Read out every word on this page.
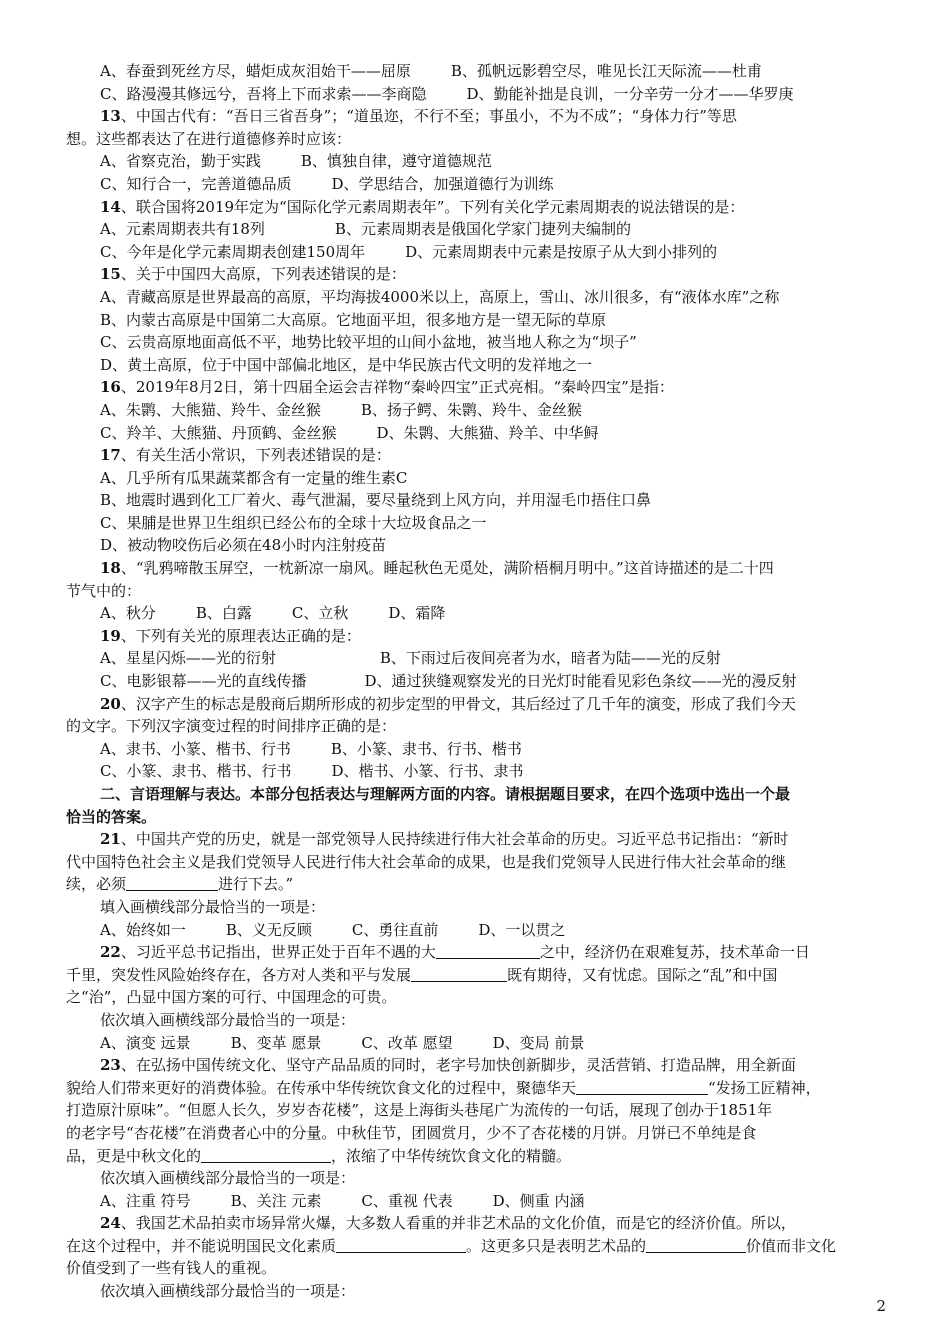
A、春蚕到死丝方尽，蜡炬成灰泪始干——屈原	B、孤帆远影碧空尽，唯见长江天际流——杜甫
C、路漫漫其修远兮，吾将上下而求索——李商隐	D、勤能补拙是良训，一分辛劳一分才——华罗庚
13、中国古代有：“吾日三省吾身”；“道虽迩，不行不至；事虽小，不为不成”；“身体力行”等思
想。这些都表达了在进行道德修养时应该：
A、省察克治，勤于实践	B、慎独自律，遵守道德规范
C、知行合一，完善道德品质	D、学思结合，加强道德行为训练
14、联合国将2019年定为“国际化学元素周期表年”。下列有关化学元素周期表的说法错误的是：
A、元素周期表共有18列	B、元素周期表是俄国化学家门捷列夫编制的
C、今年是化学元素周期表创建150周年	D、元素周期表中元素是按原子从大到小排列的
15、关于中国四大高原，下列表述错误的是：
A、青藏高原是世界最高的高原，平均海拔4000米以上，高原上，雪山、冰川很多，有“液体水库”之称
B、内蒙古高原是中国第二大高原。它地面平坦，很多地方是一望无际的草原
C、云贵高原地面高低不平，地势比较平坦的山间小盆地，被当地人称之为“坝子”
D、黄土高原，位于中国中部偏北地区，是中华民族古代文明的发祥地之一
16、2019年8月2日，第十四届全运会吉祥物“秦岭四宝”正式亮相。“秦岭四宝”是指：
A、朱鹮、大熊猫、羚牛、金丝猴	B、扬子鳄、朱鹮、羚牛、金丝猴
C、羚羊、大熊猫、丹顶鹤、金丝猴	D、朱鹮、大熊猫、羚羊、中华鲟
17、有关生活小常识，下列表述错误的是：
A、几乎所有瓜果蔬菜都含有一定量的维生素C
B、地震时遇到化工厂着火、毒气泄漏，要尽量绕到上风方向，并用湿毛巾捂住口鼻
C、果脯是世界卫生组织已经公布的全球十大垃圾食品之一
D、被动物咬伤后必须在48小时内注射疫苗
18、“乳鸦啼散玉屏空，一枕新凉一扇风。睡起秋色无觅处，满阶梧桐月明中。”这首诗描述的是二十四
节气中的：
A、秋分	B、白露	C、立秋	D、霜降
19、下列有关光的原理表达正确的是：
A、星星闪烁——光的衍射	B、下雨过后夜间亮者为水，暗者为陆——光的反射
C、电影银幕——光的直线传播	D、通过狭缝观察发光的日光灯时能看见彩色条纹——光的漫反射
20、汉字产生的标志是殷商后期所形成的初步定型的甲骨文，其后经过了几千年的演变，形成了我们今天
的文字。下列汉字演变过程的时间排序正确的是：
A、隶书、小篆、楷书、行书	B、小篆、隶书、行书、楷书
C、小篆、隶书、楷书、行书	D、楷书、小篆、行书、隶书
二、言语理解与表达。本部分包括表达与理解两方面的内容。请根据题目要求，在四个选项中选出一个最
恰当的答案。
21、中国共产党的历史，就是一部党领导人民持续进行伟大社会革命的历史。习近平总书记指出：“新时
代中国特色社会主义是我们党领导人民进行伟大社会革命的成果，也是我们党领导人民进行伟大社会革命的继
续，必须	进行下去。”
填入画横线部分最恰当的一项是：
A、始终如一	B、义无反顾	C、勇往直前	D、一以贯之
22、习近平总书记指出，世界正处于百年不遇的大	之中，经济仍在艰难复苏，技术革命一日
千里，突发性风险始终存在，各方对人类和平与发展	既有期待，又有忧虑。国际之“乱”和中国
之“治”，凸显中国方案的可行、中国理念的可贵。
依次填入画横线部分最恰当的一项是：
A、演变 远景	B、变革 愿景	C、改革 愿望	D、变局 前景
23、在弘扬中国传统文化、坚守产品品质的同时，老字号加快创新脚步，灵活营销、打造品牌，用全新面
貌给人们带来更好的消费体验。在传承中华传统饮食文化的过程中，聚德华天	“发扬工匠精神，
打造原汁原味”。“但愿人长久，岁岁杏花楼”，这是上海街头巷尾广为流传的一句话，展现了创办于1851年
的老字号“杏花楼”在消费者心中的分量。中秋佳节，团圆赏月，少不了杏花楼的月饼。月饼已不单纯是食
品，更是中秋文化的	，浓缩了中华传统饮食文化的精髓。
依次填入画横线部分最恰当的一项是：
A、注重 符号	B、关注 元素	C、重视 代表	D、侧重 内涵
24、我国艺术品拍卖市场异常火爆，大多数人看重的并非艺术品的文化价值，而是它的经济价值。所以，
在这个过程中，并不能说明国民文化素质	。这更多只是表明艺术品的	价值而非文化
价值受到了一些有钱人的重视。
依次填入画横线部分最恰当的一项是：
2
